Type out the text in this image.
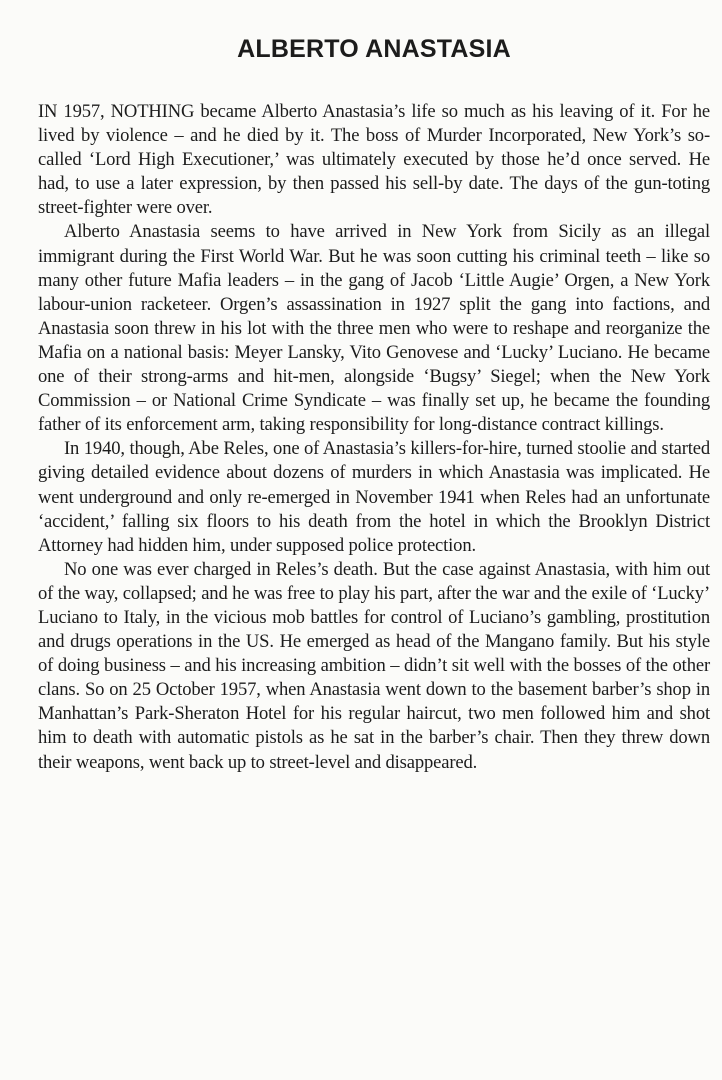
ALBERTO ANASTASIA

IN 1957, NOTHING became Alberto Anastasia’s life so much as his leaving of it. For he lived by violence – and he died by it. The boss of Murder Incorporated, New York’s so-called ‘Lord High Executioner,’ was ultimately executed by those he’d once served. He had, to use a later expression, by then passed his sell-by date. The days of the gun-toting street-fighter were over.

Alberto Anastasia seems to have arrived in New York from Sicily as an illegal immigrant during the First World War. But he was soon cutting his criminal teeth – like so many other future Mafia leaders – in the gang of Jacob ‘Little Augie’ Orgen, a New York labour-union racketeer. Orgen’s assassination in 1927 split the gang into factions, and Anastasia soon threw in his lot with the three men who were to reshape and reorganize the Mafia on a national basis: Meyer Lansky, Vito Genovese and ‘Lucky’ Luciano. He became one of their strong-arms and hit-men, alongside ‘Bugsy’ Siegel; when the New York Commission – or National Crime Syndicate – was finally set up, he became the founding father of its enforcement arm, taking responsibility for long-distance contract killings.

In 1940, though, Abe Reles, one of Anastasia’s killers-for-hire, turned stoolie and started giving detailed evidence about dozens of murders in which Anastasia was implicated. He went underground and only re-emerged in November 1941 when Reles had an unfortunate ‘accident,’ falling six floors to his death from the hotel in which the Brooklyn District Attorney had hidden him, under supposed police protection.

No one was ever charged in Reles’s death. But the case against Anastasia, with him out of the way, collapsed; and he was free to play his part, after the war and the exile of ‘Lucky’ Luciano to Italy, in the vicious mob battles for control of Luciano’s gambling, prostitution and drugs operations in the US. He emerged as head of the Mangano family. But his style of doing business – and his increasing ambition – didn’t sit well with the bosses of the other clans. So on 25 October 1957, when Anastasia went down to the basement barber’s shop in Manhattan’s Park-Sheraton Hotel for his regular haircut, two men followed him and shot him to death with automatic pistols as he sat in the barber’s chair. Then they threw down their weapons, went back up to street-level and disappeared.
